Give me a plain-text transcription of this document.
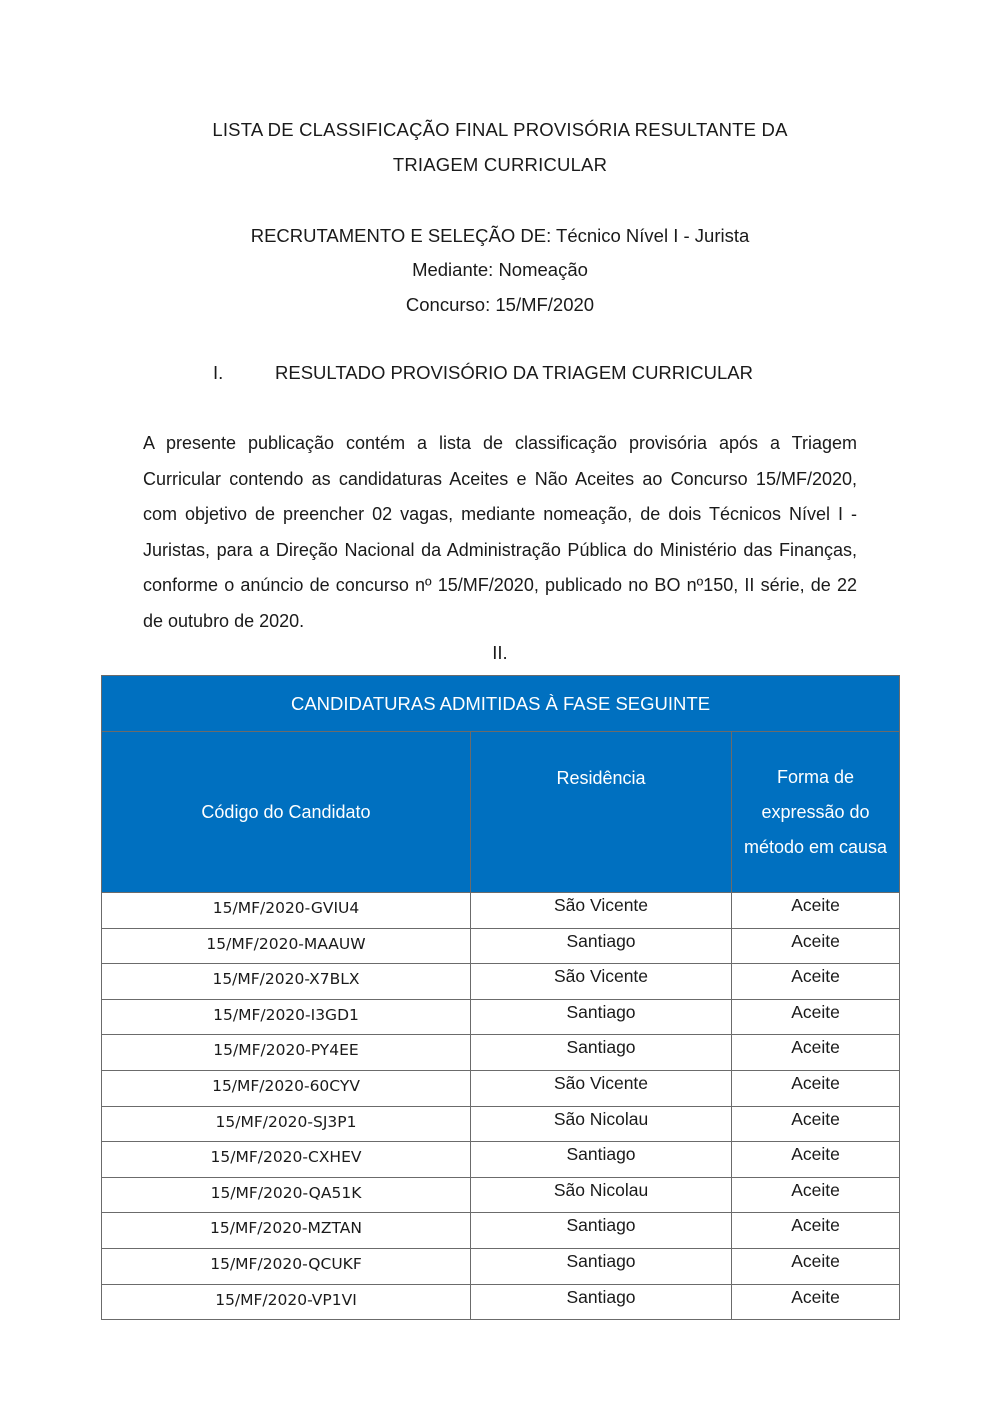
LISTA DE CLASSIFICAÇÃO FINAL PROVISÓRIA RESULTANTE DA
TRIAGEM CURRICULAR
RECRUTAMENTO E SELEÇÃO DE: Técnico Nível I - Jurista
Mediante: Nomeação
Concurso: 15/MF/2020
I.	RESULTADO PROVISÓRIO DA TRIAGEM CURRICULAR
A presente publicação contém a lista de classificação provisória após a Triagem Curricular contendo as candidaturas Aceites e Não Aceites ao Concurso 15/MF/2020, com objetivo de preencher 02 vagas, mediante nomeação, de dois Técnicos Nível I - Juristas, para a Direção Nacional da Administração Pública do Ministério das Finanças, conforme o anúncio de concurso nº 15/MF/2020, publicado no BO nº150, II série, de 22 de outubro de 2020.
II.
CANDIDATURAS ADMITIDAS À FASE SEGUINTE		
Código do Candidato	Residência	Forma de
expressão do
método em causa

15/MF/2020-GVIU4	São Vicente	Aceite
15/MF/2020-MAAUW	Santiago	Aceite
15/MF/2020-X7BLX	São Vicente	Aceite
15/MF/2020-I3GD1	Santiago	Aceite
15/MF/2020-PY4EE	Santiago	Aceite
15/MF/2020-60CYV	São Vicente	Aceite
15/MF/2020-SJ3P1	São Nicolau	Aceite
15/MF/2020-CXHEV	Santiago	Aceite
15/MF/2020-QA51K	São Nicolau	Aceite
15/MF/2020-MZTAN	Santiago	Aceite
15/MF/2020-QCUKF	Santiago	Aceite
15/MF/2020-VP1VI	Santiago	Aceite
